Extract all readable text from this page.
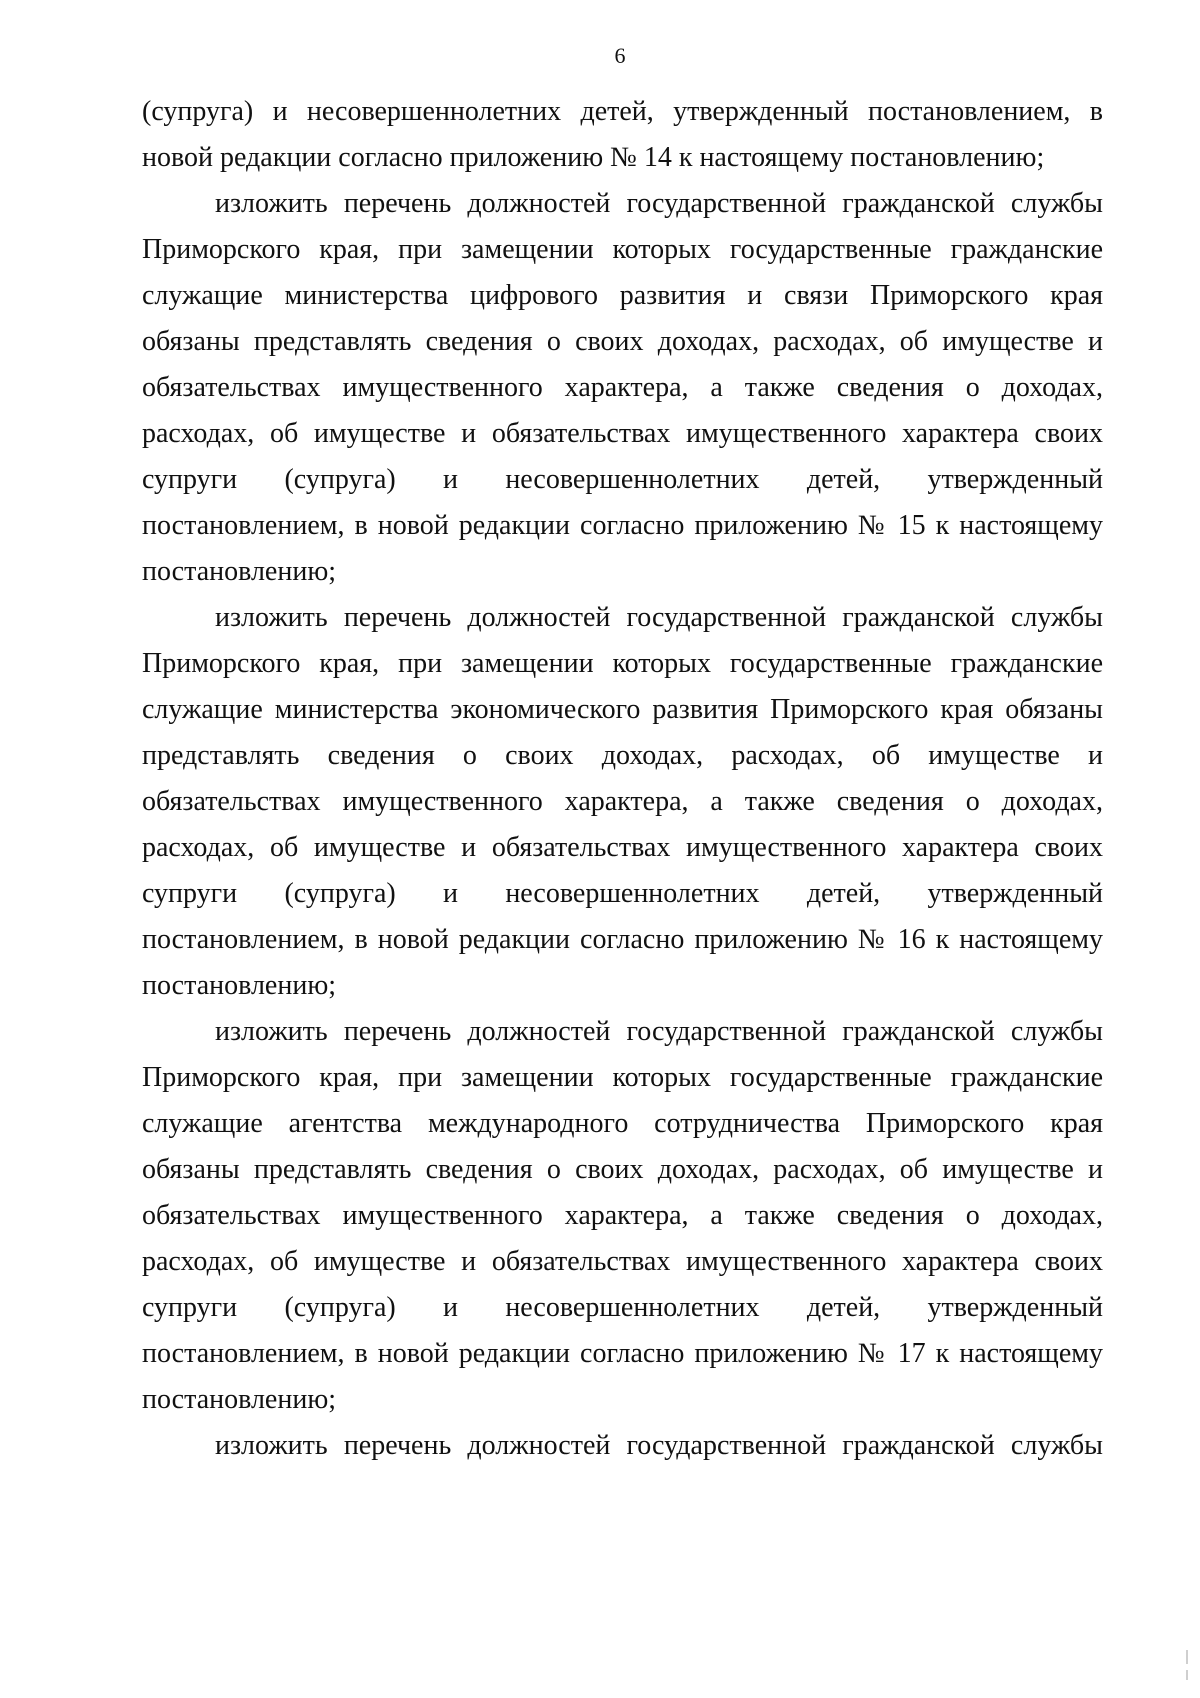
6

(супруга) и несовершеннолетних детей, утвержденный постановлением, в
новой редакции согласно приложению № 14 к настоящему постановлению;

изложить перечень должностей государственной гражданской службы
Приморского края, при замещении которых государственные гражданские
служащие министерства цифрового развития и связи Приморского края
обязаны представлять сведения о своих доходах, расходах, об имуществе и
обязательствах имущественного характера, а также сведения о доходах,
расходах, об имуществе и обязательствах имущественного характера своих
супруги (супруга) и несовершеннолетних детей, утвержденный
постановлением, в новой редакции согласно приложению № 15 к настоящему
постановлению;

изложить перечень должностей государственной гражданской службы
Приморского края, при замещении которых государственные гражданские
служащие министерства экономического развития Приморского края обязаны
представлять сведения о своих доходах, расходах, об имуществе и
обязательствах имущественного характера, а также сведения о доходах,
расходах, об имуществе и обязательствах имущественного характера своих
супруги (супруга) и несовершеннолетних детей, утвержденный
постановлением, в новой редакции согласно приложению № 16 к настоящему
постановлению;

изложить перечень должностей государственной гражданской службы
Приморского края, при замещении которых государственные гражданские
служащие агентства международного сотрудничества Приморского края
обязаны представлять сведения о своих доходах, расходах, об имуществе и
обязательствах имущественного характера, а также сведения о доходах,
расходах, об имуществе и обязательствах имущественного характера своих
супруги (супруга) и несовершеннолетних детей, утвержденный
постановлением, в новой редакции согласно приложению № 17 к настоящему
постановлению;

изложить перечень должностей государственной гражданской службы
